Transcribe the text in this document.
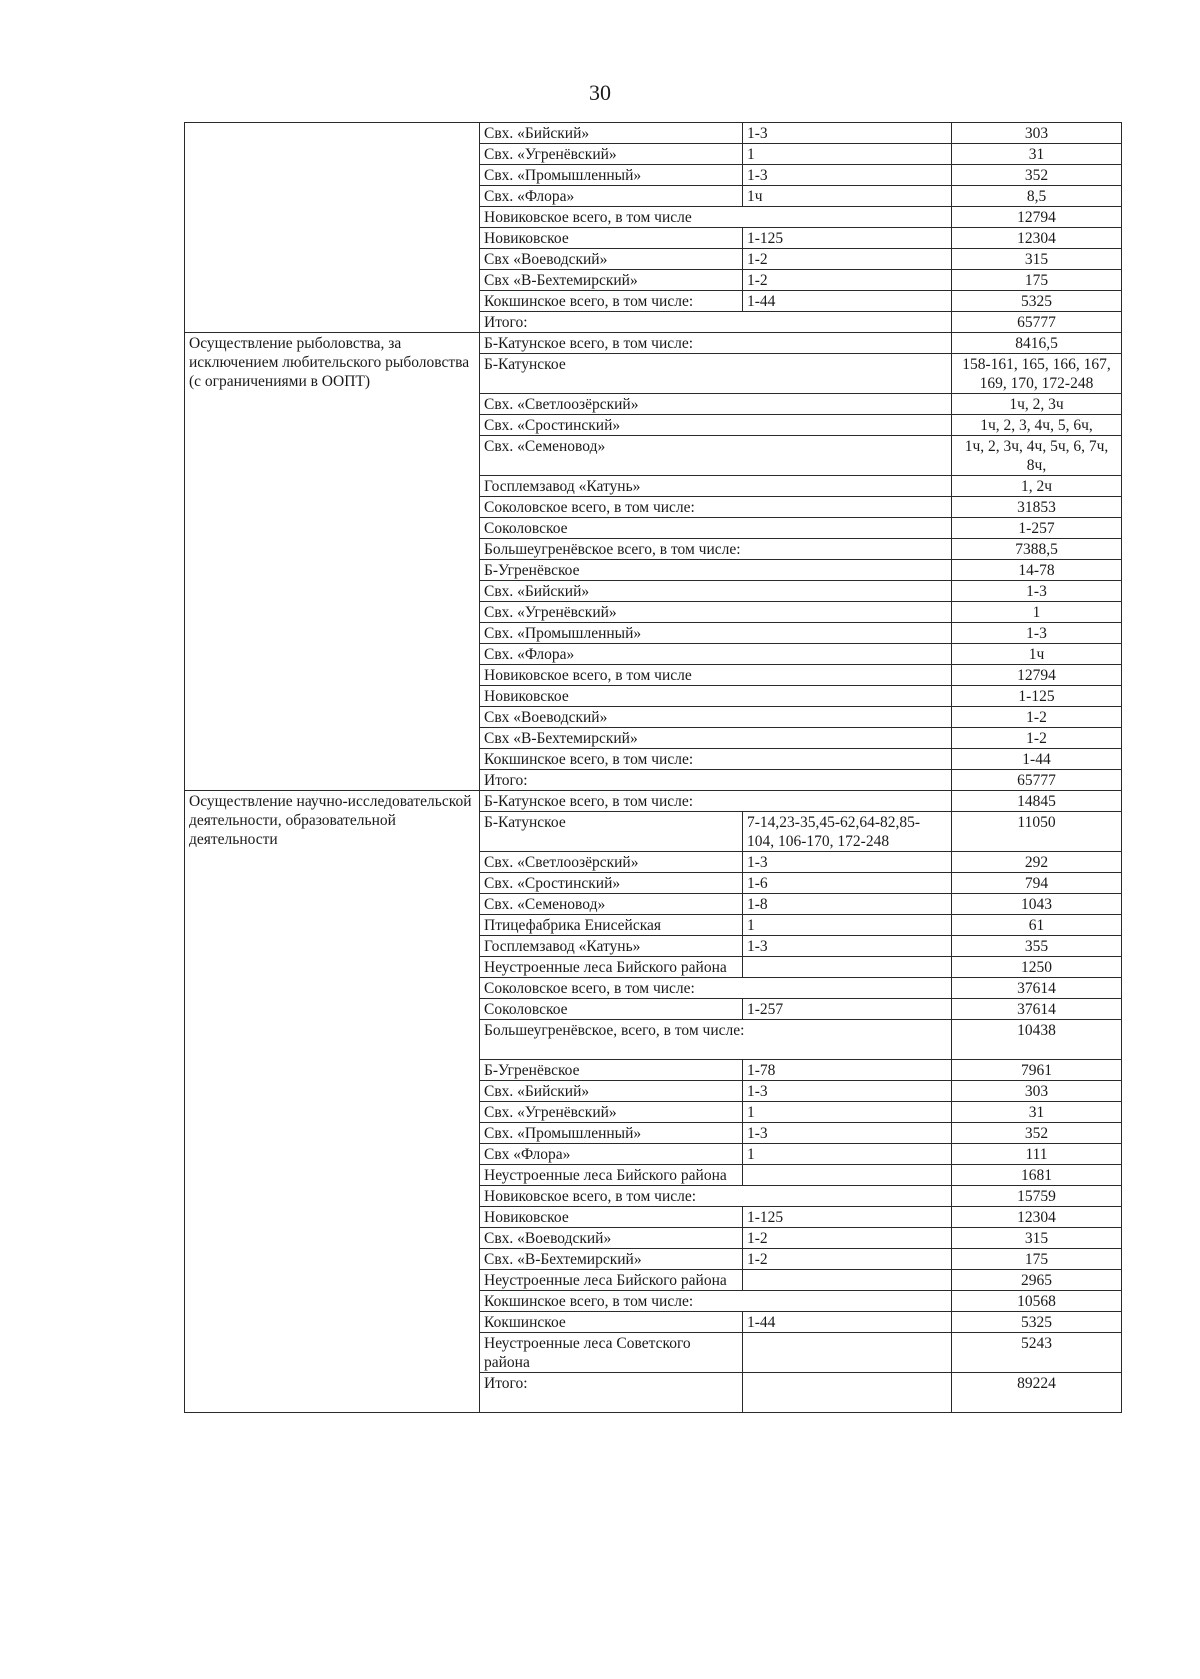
30
	Свх. «Бийский»	1-3	303
	Свх. «Угренёвский»	1	31
	Свх. «Промышленный»	1-3	352
	Свх. «Флора»	1ч	8,5
	Новиковское всего, в том числе		12794
	Новиковское	1-125	12304
	Свх «Воеводский»	1-2	315
	Свх «В-Бехтемирский»	1-2	175
	Кокшинское всего, в том числе:	1-44	5325
	Итого:		65777
Осуществление рыболовства, за исключением любительского рыболовства (с ограничениями в ООПТ)	Б-Катунское всего, в том числе:		8416,5
	Б-Катунское		158-161, 165, 166, 167, 169, 170, 172-248
	Свх. «Светлоозёрский»		1ч, 2, 3ч
	Свх. «Сростинский»		1ч, 2, 3, 4ч, 5, 6ч,
	Свх. «Семеновод»		1ч, 2, 3ч, 4ч, 5ч, 6, 7ч, 8ч,
	Госплемзавод «Катунь»		1, 2ч
	Соколовское всего, в том числе:		31853
	Соколовское		1-257
	Большеугренёвское всего, в том числе:		7388,5
	Б-Угренёвское		14-78
	Свх. «Бийский»		1-3
	Свх. «Угренёвский»		1
	Свх. «Промышленный»		1-3
	Свх. «Флора»		1ч
	Новиковское всего, в том числе		12794
	Новиковское		1-125
	Свх «Воеводский»		1-2
	Свх «В-Бехтемирский»		1-2
	Кокшинское всего, в том числе:		1-44
	Итого:		65777
Осуществление научно-исследовательской деятельности, образовательной деятельности	Б-Катунское всего, в том числе:		14845
	Б-Катунское	7-14,23-35,45-62,64-82,85-104, 106-170, 172-248	11050
	Свх. «Светлоозёрский»	1-3	292
	Свх. «Сростинский»	1-6	794
	Свх. «Семеновод»	1-8	1043
	Птицефабрика Енисейская	1	61
	Госплемзавод «Катунь»	1-3	355
	Неустроенные леса Бийского района		1250
	Соколовское всего, в том числе:		37614
	Соколовское	1-257	37614
	Большеугренёвское, всего, в том числе:		10438
	Б-Угренёвское	1-78	7961
	Свх. «Бийский»	1-3	303
	Свх. «Угренёвский»	1	31
	Свх. «Промышленный»	1-3	352
	Свх «Флора»	1	111
	Неустроенные леса Бийского района		1681
	Новиковское всего, в том числе:		15759
	Новиковское	1-125	12304
	Свх. «Воеводский»	1-2	315
	Свх. «В-Бехтемирский»	1-2	175
	Неустроенные леса Бийского района		2965
	Кокшинское всего, в том числе:		10568
	Кокшинское	1-44	5325
	Неустроенные леса Советского района		5243
	Итого:		89224
